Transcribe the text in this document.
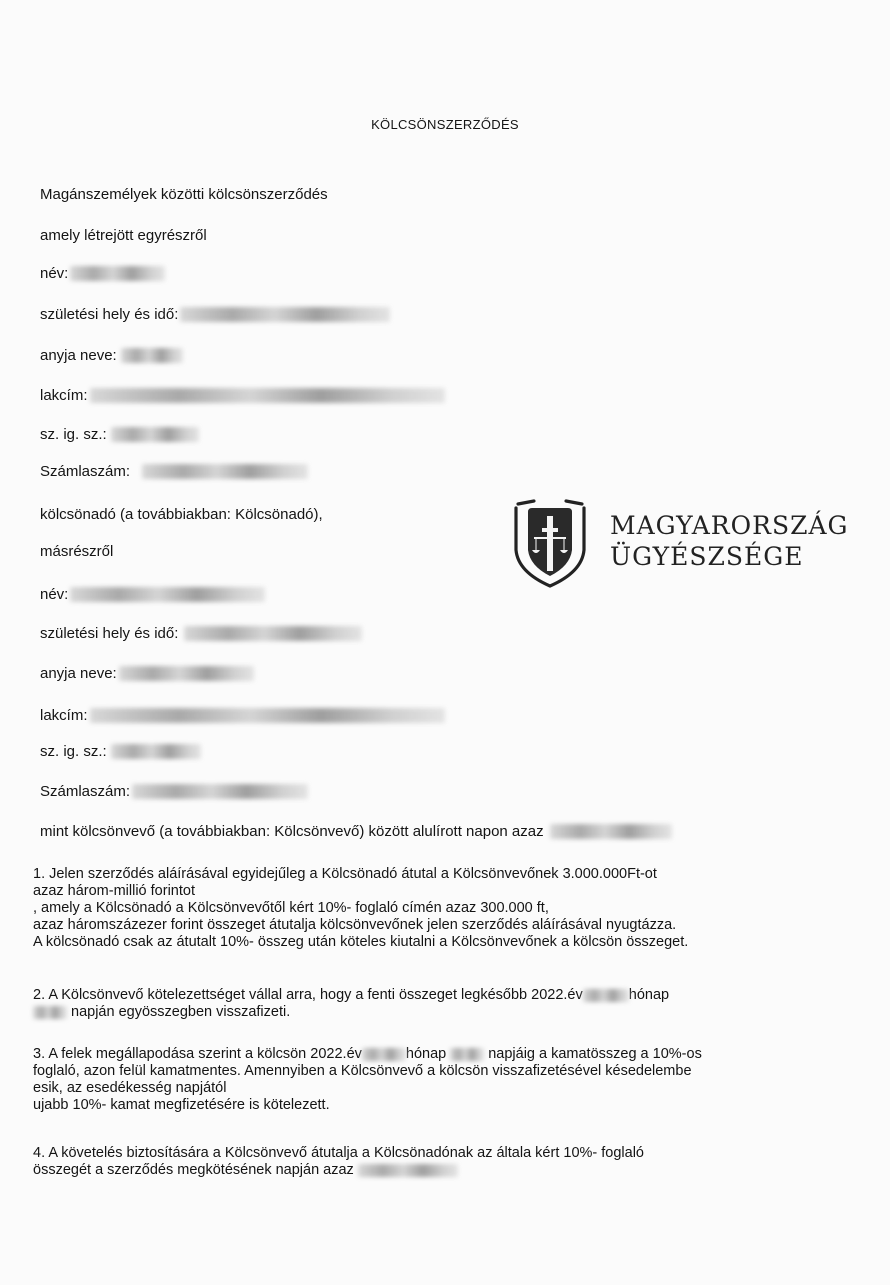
KÖLCSÖNSZERZŐDÉS
Magánszemélyek közötti kölcsönszerződés
amely létrejött egyrészről
név:
születési hely és idő:
anyja neve:
lakcím:
sz. ig. sz.:
Számlaszám:
kölcsönadó (a továbbiakban: Kölcsönadó),
másrészről
név:
születési hely és idő:
anyja neve:
lakcím:
sz. ig. sz.:
Számlaszám:
mint kölcsönvevő (a továbbiakban: Kölcsönvevő) között alulírott napon azaz
§ MAGYARORSZÁG
ÜGYÉSZSÉGE
1. Jelen szerződés aláírásával egyidejűleg a Kölcsönadó átutal a Kölcsönvevőnek 3.000.000Ft-ot
azaz három-millió forintot
, amely a Kölcsönadó a Kölcsönvevőtől kért 10%- foglaló címén azaz 300.000 ft,
azaz háromszázezer forint összeget átutalja kölcsönvevőnek jelen szerződés aláírásával nyugtázza.
A kölcsönadó csak az átutalt 10%- összeg után köteles kiutalni a Kölcsönvevőnek a kölcsön összeget.
2. A Kölcsönvevő kötelezettséget vállal arra, hogy a fenti összeget legkésőbb 2022.év	hónap
napján egyösszegben visszafizeti.
3. A felek megállapodása szerint a kölcsön 2022.év	hónap	napjáig a kamatösszeg a 10%-os
foglaló, azon felül kamatmentes. Amennyiben a Kölcsönvevő a kölcsön visszafizetésével késedelembe
esik, az esedékesség napjától
ujabb 10%- kamat megfizetésére is kötelezett.
4. A követelés biztosítására a Kölcsönvevő átutalja a Kölcsönadónak az általa kért 10%- foglaló
összegét a szerződés megkötésének napján azaz
